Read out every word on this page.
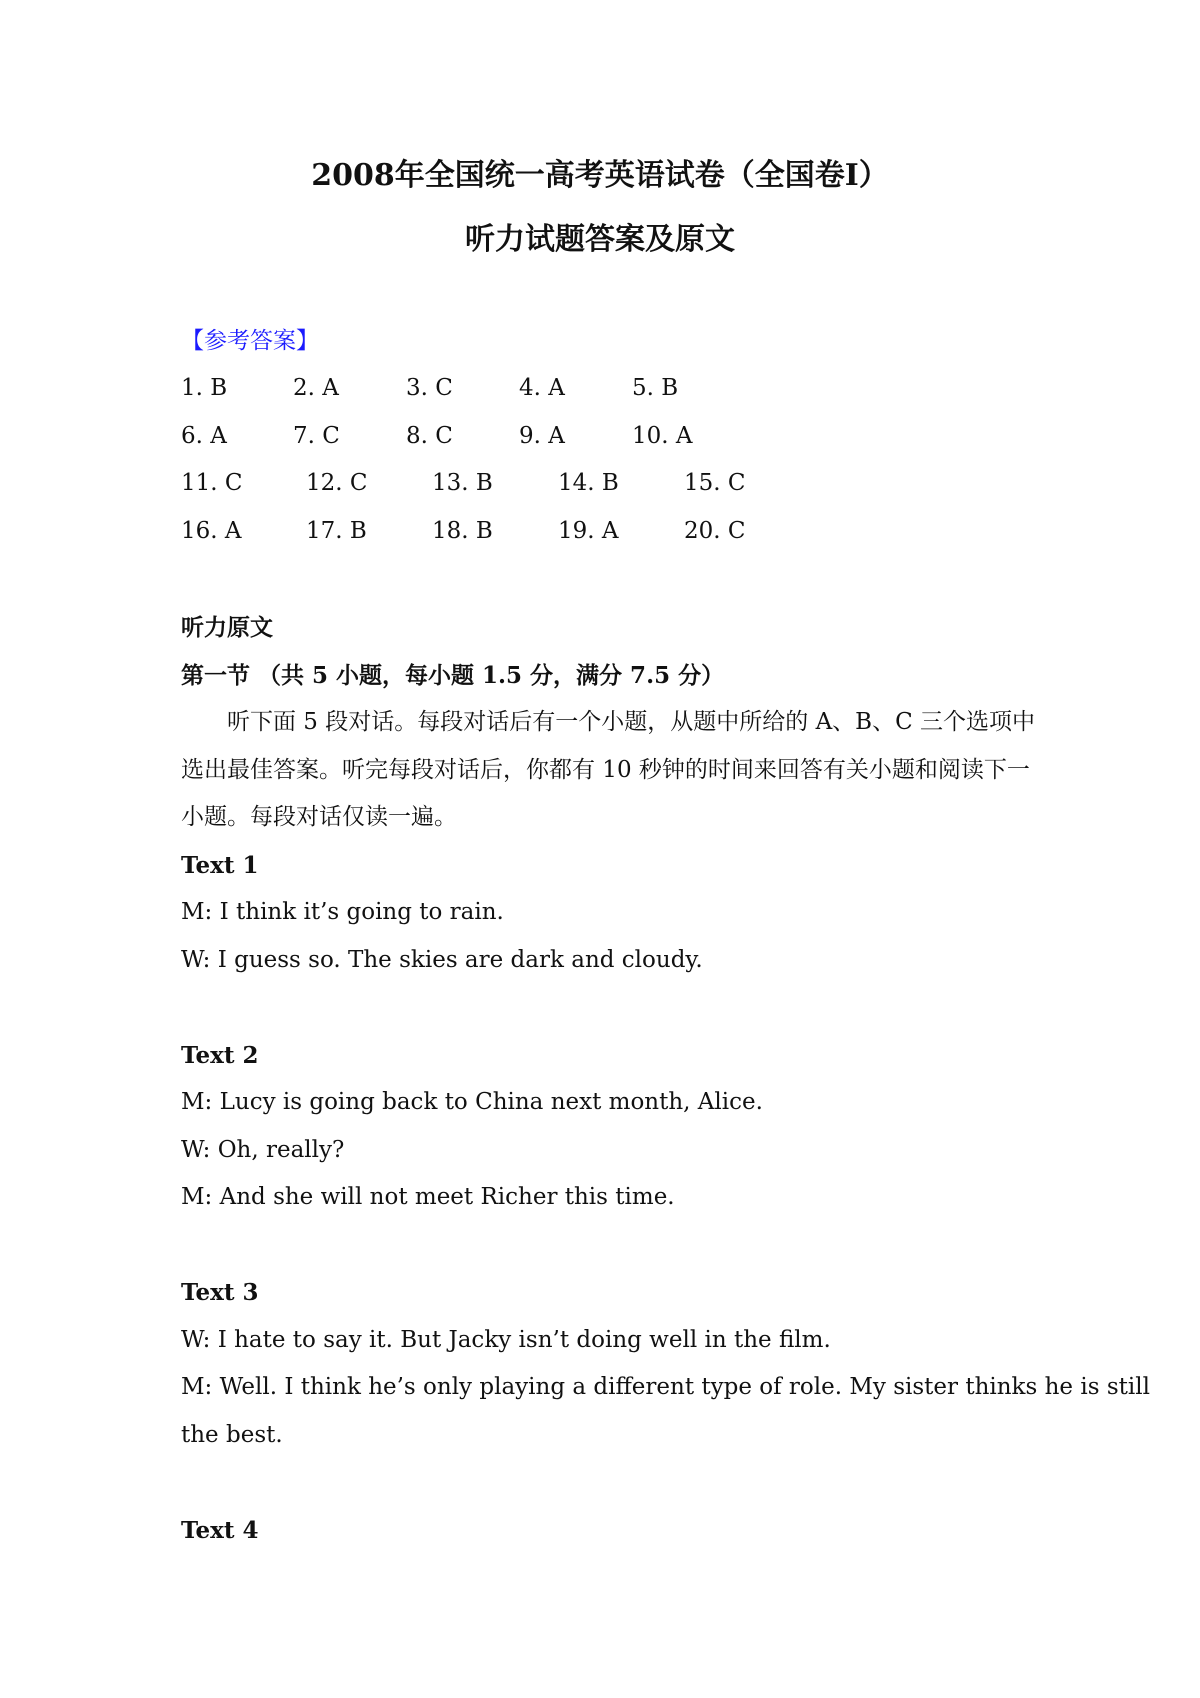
2008年全国统一高考英语试卷（全国卷I）
听力试题答案及原文
【参考答案】
1. B	2. A	3. C	4. A	5. B
6. A	7. C	8. C	9. A	10. A
11. C	12. C	13. B	14. B	15. C
16. A	17. B	18. B	19. A	20. C
听力原文
第一节 （共 5 小题，每小题 1.5 分，满分 7.5 分）
听下面 5 段对话。每段对话后有一个小题，从题中所给的 A、B、C 三个选项中选出最佳答案。听完每段对话后，你都有 10 秒钟的时间来回答有关小题和阅读下一小题。每段对话仅读一遍。
Text 1
M: I think it’s going to rain.
W: I guess so. The skies are dark and cloudy.
Text 2
M: Lucy is going back to China next month, Alice.
W: Oh, really?
M: And she will not meet Richer this time.
Text 3
W: I hate to say it. But Jacky isn’t doing well in the film.
M: Well. I think he’s only playing a different type of role. My sister thinks he is still
the best.
Text 4
